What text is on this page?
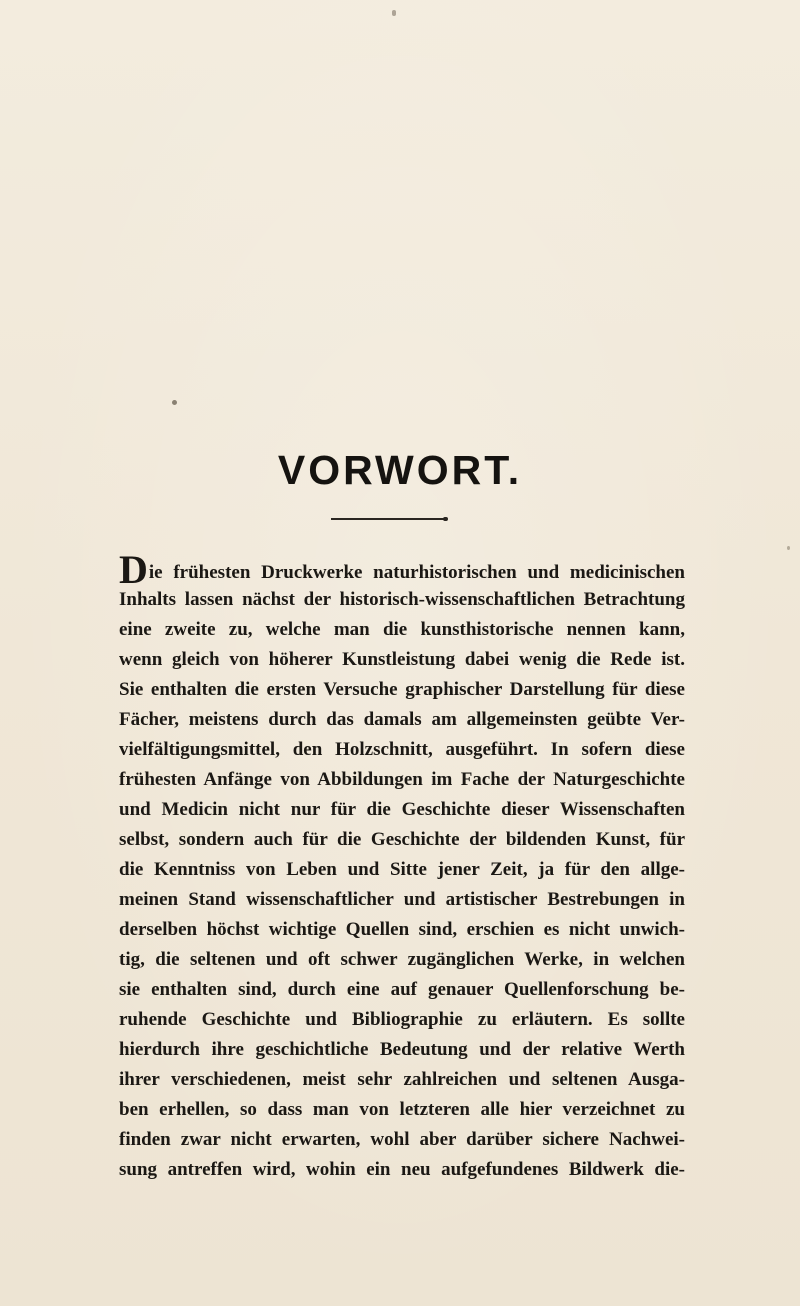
VORWORT.
Die frühesten Druckwerke naturhistorischen und medicinischen
Inhalts lassen nächst der historisch-wissenschaftlichen Betrachtung
eine zweite zu, welche man die kunsthistorische nennen kann,
wenn gleich von höherer Kunstleistung dabei wenig die Rede ist.
Sie enthalten die ersten Versuche graphischer Darstellung für diese
Fächer, meistens durch das damals am allgemeinsten geübte Ver-
vielfältigungsmittel, den Holzschnitt, ausgeführt. In sofern diese
frühesten Anfänge von Abbildungen im Fache der Naturgeschichte
und Medicin nicht nur für die Geschichte dieser Wissenschaften
selbst, sondern auch für die Geschichte der bildenden Kunst, für
die Kenntniss von Leben und Sitte jener Zeit, ja für den allge-
meinen Stand wissenschaftlicher und artistischer Bestrebungen in
derselben höchst wichtige Quellen sind, erschien es nicht unwich-
tig, die seltenen und oft schwer zugänglichen Werke, in welchen
sie enthalten sind, durch eine auf genauer Quellenforschung be-
ruhende Geschichte und Bibliographie zu erläutern. Es sollte
hierdurch ihre geschichtliche Bedeutung und der relative Werth
ihrer verschiedenen, meist sehr zahlreichen und seltenen Ausga-
ben erhellen, so dass man von letzteren alle hier verzeichnet zu
finden zwar nicht erwarten, wohl aber darüber sichere Nachwei-
sung antreffen wird, wohin ein neu aufgefundenes Bildwerk die-
